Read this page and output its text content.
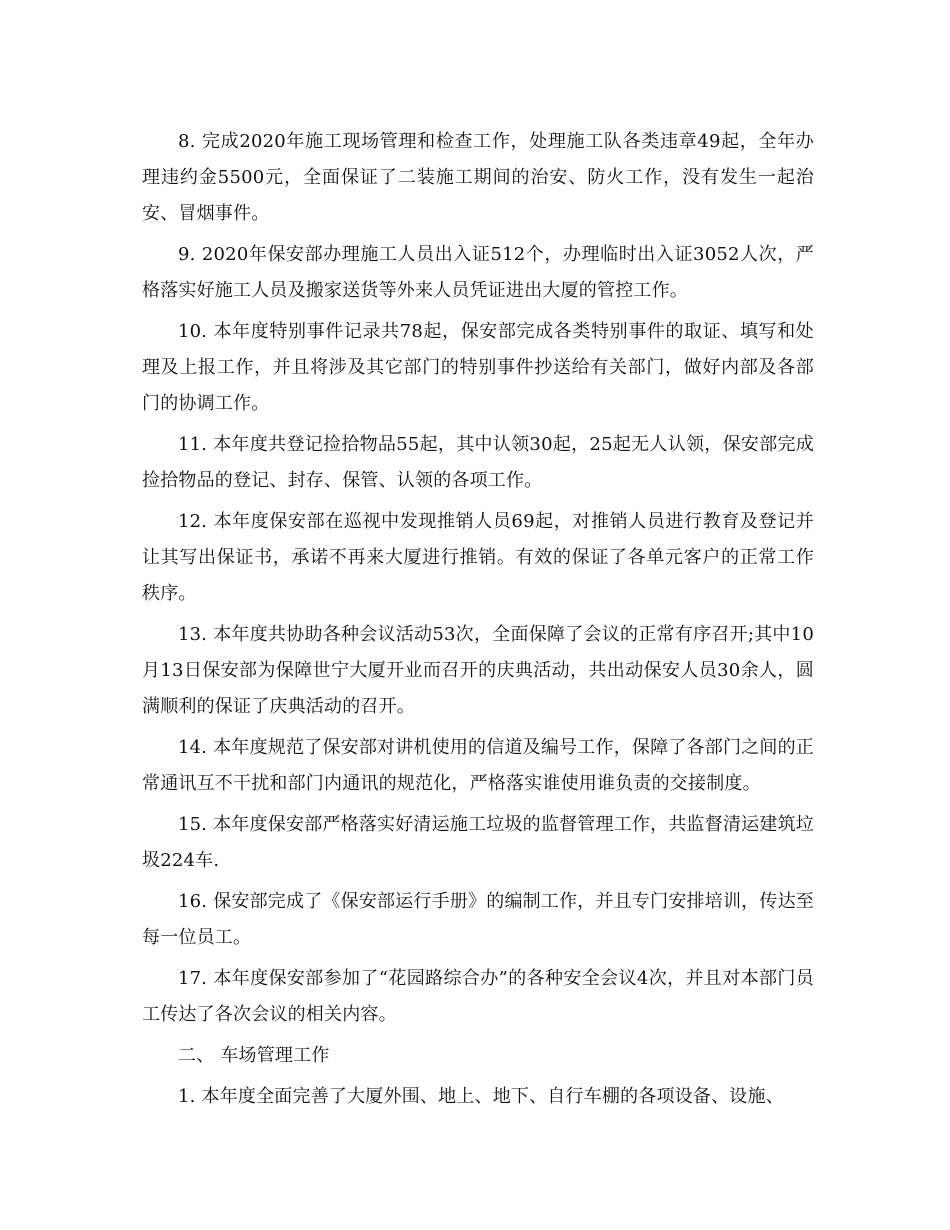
8. 完成2020年施工现场管理和检查工作，处理施工队各类违章49起，全年办理违约金5500元，全面保证了二装施工期间的治安、防火工作，没有发生一起治安、冒烟事件。

9. 2020年保安部办理施工人员出入证512个，办理临时出入证3052人次，严格落实好施工人员及搬家送货等外来人员凭证进出大厦的管控工作。

10. 本年度特别事件记录共78起，保安部完成各类特别事件的取证、填写和处理及上报工作，并且将涉及其它部门的特别事件抄送给有关部门，做好内部及各部门的协调工作。

11. 本年度共登记捡拾物品55起，其中认领30起，25起无人认领，保安部完成捡拾物品的登记、封存、保管、认领的各项工作。

12. 本年度保安部在巡视中发现推销人员69起，对推销人员进行教育及登记并让其写出保证书，承诺不再来大厦进行推销。有效的保证了各单元客户的正常工作秩序。

13. 本年度共协助各种会议活动53次，全面保障了会议的正常有序召开;其中10月13日保安部为保障世宁大厦开业而召开的庆典活动，共出动保安人员30余人，圆满顺利的保证了庆典活动的召开。

14. 本年度规范了保安部对讲机使用的信道及编号工作，保障了各部门之间的正常通讯互不干扰和部门内通讯的规范化，严格落实谁使用谁负责的交接制度。

15. 本年度保安部严格落实好清运施工垃圾的监督管理工作，共监督清运建筑垃圾224车.

16. 保安部完成了《保安部运行手册》的编制工作，并且专门安排培训，传达至每一位员工。

17. 本年度保安部参加了“花园路综合办”的各种安全会议4次，并且对本部门员工传达了各次会议的相关内容。

二、 车场管理工作

1. 本年度全面完善了大厦外围、地上、地下、自行车棚的各项设备、设施、
